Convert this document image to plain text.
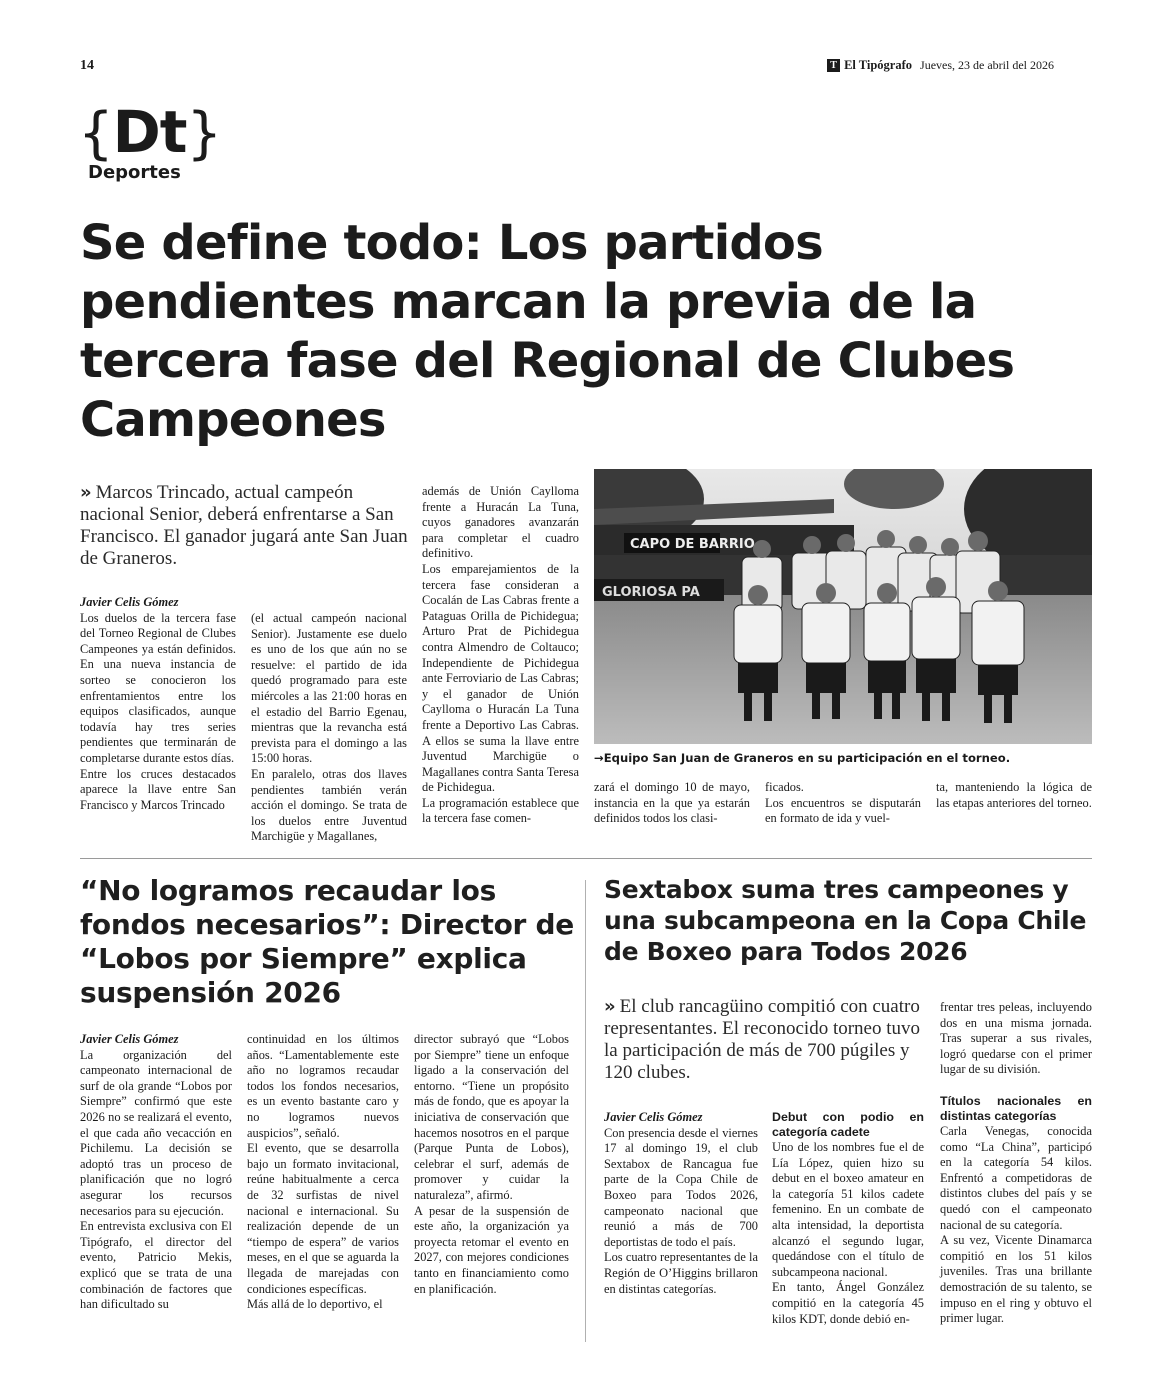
14	T El Tipógrafo Jueves, 23 de abril del 2026
{Dt}
Deportes
Se define todo: Los partidos pendientes marcan la previa de la tercera fase del Regional de Clubes Campeones
» Marcos Trincado, actual campeón nacional Senior, deberá enfrentarse a San Francisco. El ganador jugará ante San Juan de Graneros.
Javier Celis Gómez

Los duelos de la tercera fase del Torneo Regional de Clubes Campeones ya están definidos. En una nueva instancia de sorteo se conocieron los enfrentamientos entre los equipos clasificados, aunque todavía hay tres series pendientes que terminarán de completarse durante estos días.

Entre los cruces destacados aparece la llave entre San Francisco y Marcos Trincado

(el actual campeón nacional Senior). Justamente ese duelo es uno de los que aún no se resuelve: el partido de ida quedó programado para este miércoles a las 21:00 horas en el estadio del Barrio Egenau, mientras que la revancha está prevista para el domingo a las 15:00 horas.

En paralelo, otras dos llaves pendientes también verán acción el domingo. Se trata de los duelos entre Juventud Marchigüe y Magallanes,

además de Unión Caylloma frente a Huracán La Tuna, cuyos ganadores avanzarán para completar el cuadro definitivo.

Los emparejamientos de la tercera fase consideran a Cocalán de Las Cabras frente a Pataguas Orilla de Pichidegua; Arturo Prat de Pichidegua contra Almendro de Coltauco; Independiente de Pichidegua ante Ferroviario de Las Cabras; y el ganador de Unión Caylloma o Huracán La Tuna frente a Deportivo Las Cabras. A ellos se suma la llave entre Juventud Marchigüe o Magallanes contra Santa Teresa de Pichidegua.

La programación establece que la tercera fase comen-

CAPO DE BARRIO
GLORIOSA PA
→Equipo San Juan de Graneros en su participación en el torneo.

zará el domingo 10 de mayo, instancia en la que ya estarán definidos todos los clasi-

ficados.

Los encuentros se disputarán en formato de ida y vuel-

ta, manteniendo la lógica de las etapas anteriores del torneo.

“No logramos recaudar los fondos necesarios”: Director de “Lobos por Siempre” explica suspensión 2026
Javier Celis Gómez

La organización del campeonato internacional de surf de ola grande “Lobos por Siempre” confirmó que este 2026 no se realizará el evento, el que cada año vecacción en Pichilemu. La decisión se adoptó tras un proceso de planificación que no logró asegurar los recursos necesarios para su ejecución.

En entrevista exclusiva con El Tipógrafo, el director del evento, Patricio Mekis, explicó que se trata de una combinación de factores que han dificultado su

continuidad en los últimos años. “Lamentablemente este año no logramos recaudar todos los fondos necesarios, es un evento bastante caro y no logramos nuevos auspicios”, señaló.

El evento, que se desarrolla bajo un formato invitacional, reúne habitualmente a cerca de 32 surfistas de nivel nacional e internacional. Su realización depende de un “tiempo de espera” de varios meses, en el que se aguarda la llegada de marejadas con condiciones específicas.

Más allá de lo deportivo, el

director subrayó que “Lobos por Siempre” tiene un enfoque ligado a la conservación del entorno. “Tiene un propósito más de fondo, que es apoyar la iniciativa de conservación que hacemos nosotros en el parque (Parque Punta de Lobos), celebrar el surf, además de promover y cuidar la naturaleza”, afirmó.

A pesar de la suspensión de este año, la organización ya proyecta retomar el evento en 2027, con mejores condiciones tanto en financiamiento como en planificación.

Sextabox suma tres campeones y una subcampeona en la Copa Chile de Boxeo para Todos 2026
» El club rancagüino compitió con cuatro representantes. El reconocido torneo tuvo la participación de más de 700 púgiles y 120 clubes.
Javier Celis Gómez

Con presencia desde el viernes 17 al domingo 19, el club Sextabox de Rancagua fue parte de la Copa Chile de Boxeo para Todos 2026, campeonato nacional que reunió a más de 700 deportistas de todo el país.

Los cuatro representantes de la Región de O’Higgins brillaron en distintas categorías.

Debut con podio en categoría cadete

Uno de los nombres fue el de Lía López, quien hizo su debut en el boxeo amateur en la categoría 51 kilos cadete femenino. En un combate de alta intensidad, la deportista alcanzó el segundo lugar, quedándose con el título de subcampeona nacional.

En tanto, Ángel González compitió en la categoría 45 kilos KDT, donde debió en-

frentar tres peleas, incluyendo dos en una misma jornada. Tras superar a sus rivales, logró quedarse con el primer lugar de su división.

Títulos nacionales en distintas categorías

Carla Venegas, conocida como “La China”, participó en la categoría 54 kilos. Enfrentó a competidoras de distintos clubes del país y se quedó con el campeonato nacional de su categoría.

A su vez, Vicente Dinamarca compitió en los 51 kilos juveniles. Tras una brillante demostración de su talento, se impuso en el ring y obtuvo el primer lugar.
